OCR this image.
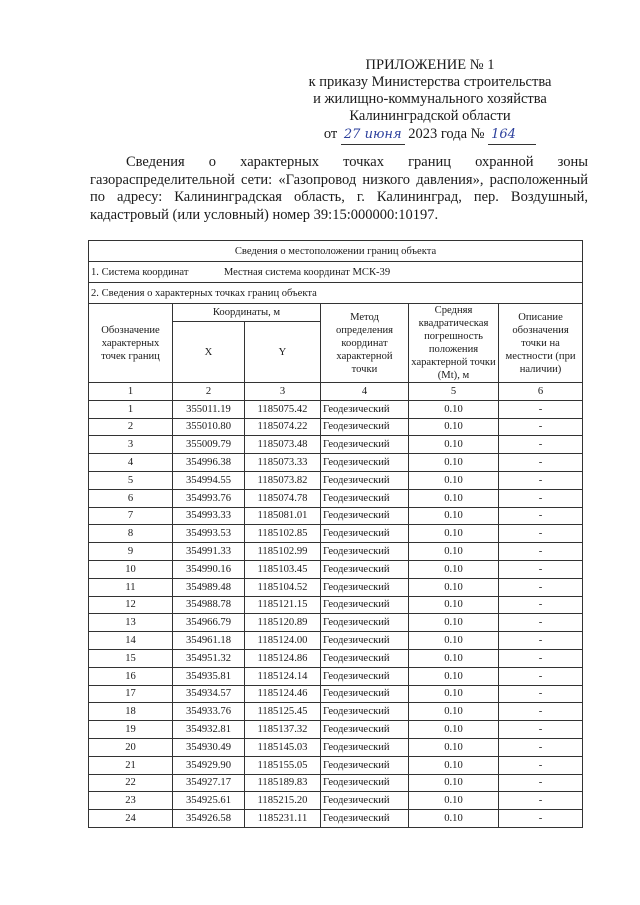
ПРИЛОЖЕНИЕ № 1
к приказу Министерства строительства
и жилищно-коммунального хозяйства
Калининградской области
от 27 июня 2023 года № 164
Сведения о характерных точках границ охранной зоны газораспределительной сети: «Газопровод низкого давления», расположенный по адресу: Калининградская область, г. Калининград, пер. Воздушный, кадастровый (или условный) номер 39:15:000000:10197.
Сведения о местоположении границ объекта					
1. Система координат Местная система координат МСК-39					
2. Сведения о характерных точках границ объекта					
Обозначение характерных точек границ	Координаты, м		Метод определения координат характерной точки	Средняя квадратическая погрешность положения характерной точки (Mt), м	Описание обозначения точки на местности (при наличии)
	X	Y			
1	2	3	4	5	6
1	355011.19	1185075.42	Геодезический	0.10	-
2	355010.80	1185074.22	Геодезический	0.10	-
3	355009.79	1185073.48	Геодезический	0.10	-
4	354996.38	1185073.33	Геодезический	0.10	-
5	354994.55	1185073.82	Геодезический	0.10	-
6	354993.76	1185074.78	Геодезический	0.10	-
7	354993.33	1185081.01	Геодезический	0.10	-
8	354993.53	1185102.85	Геодезический	0.10	-
9	354991.33	1185102.99	Геодезический	0.10	-
10	354990.16	1185103.45	Геодезический	0.10	-
11	354989.48	1185104.52	Геодезический	0.10	-
12	354988.78	1185121.15	Геодезический	0.10	-
13	354966.79	1185120.89	Геодезический	0.10	-
14	354961.18	1185124.00	Геодезический	0.10	-
15	354951.32	1185124.86	Геодезический	0.10	-
16	354935.81	1185124.14	Геодезический	0.10	-
17	354934.57	1185124.46	Геодезический	0.10	-
18	354933.76	1185125.45	Геодезический	0.10	-
19	354932.81	1185137.32	Геодезический	0.10	-
20	354930.49	1185145.03	Геодезический	0.10	-
21	354929.90	1185155.05	Геодезический	0.10	-
22	354927.17	1185189.83	Геодезический	0.10	-
23	354925.61	1185215.20	Геодезический	0.10	-
24	354926.58	1185231.11	Геодезический	0.10	-
